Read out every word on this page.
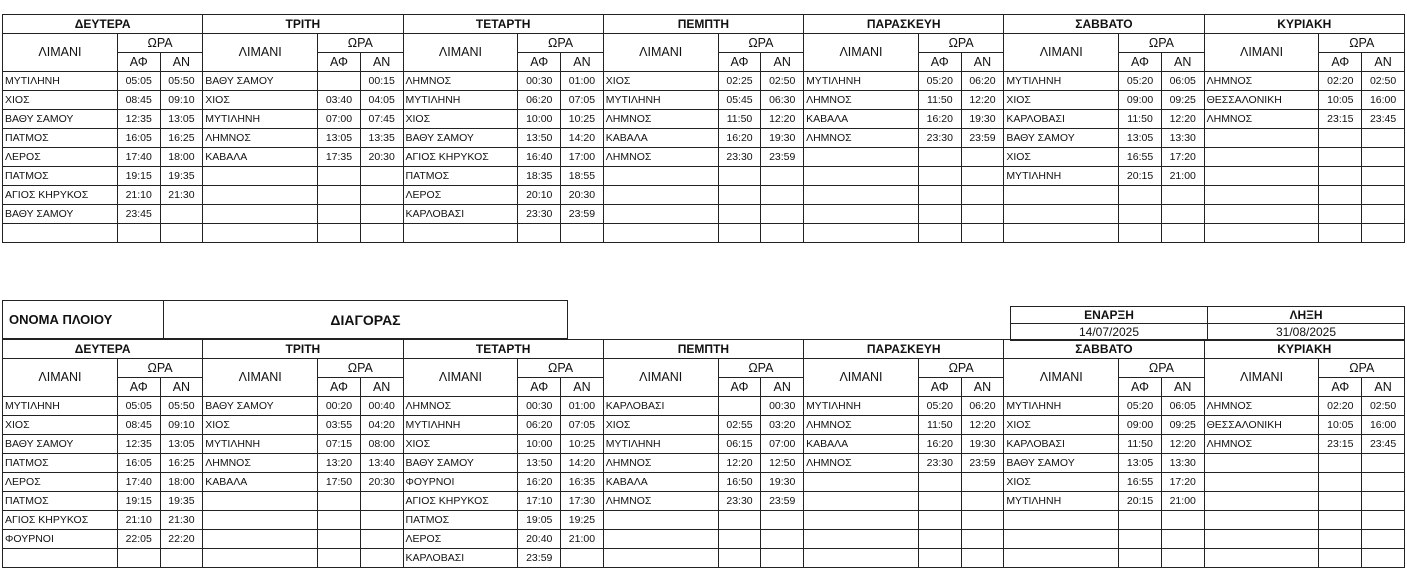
ΔΕΥΤΕΡΑ			ΤΡΙΤΗ			ΤΕΤΑΡΤΗ			ΠΕΜΠΤΗ			ΠΑΡΑΣΚΕΥΗ			ΣΑΒΒΑΤΟ			ΚΥΡΙΑΚΗ		
ΛΙΜΑΝΙ	ΩΡΑ		ΛΙΜΑΝΙ	ΩΡΑ		ΛΙΜΑΝΙ	ΩΡΑ		ΛΙΜΑΝΙ	ΩΡΑ		ΛΙΜΑΝΙ	ΩΡΑ		ΛΙΜΑΝΙ	ΩΡΑ		ΛΙΜΑΝΙ	ΩΡΑ	
	ΑΦ	ΑΝ		ΑΦ	ΑΝ		ΑΦ	ΑΝ		ΑΦ	ΑΝ		ΑΦ	ΑΝ		ΑΦ	ΑΝ		ΑΦ	ΑΝ
ΜΥΤΙΛΗΝΗ	05:05	05:50	ΒΑΘΥ ΣΑΜΟΥ		00:15	ΛΗΜΝΟΣ	00:30	01:00	ΧΙΟΣ	02:25	02:50	ΜΥΤΙΛΗΝΗ	05:20	06:20	ΜΥΤΙΛΗΝΗ	05:20	06:05	ΛΗΜΝΟΣ	02:20	02:50
ΧΙΟΣ	08:45	09:10	ΧΙΟΣ	03:40	04:05	ΜΥΤΙΛΗΝΗ	06:20	07:05	ΜΥΤΙΛΗΝΗ	05:45	06:30	ΛΗΜΝΟΣ	11:50	12:20	ΧΙΟΣ	09:00	09:25	ΘΕΣΣΑΛΟΝΙΚΗ	10:05	16:00
ΒΑΘΥ ΣΑΜΟΥ	12:35	13:05	ΜΥΤΙΛΗΝΗ	07:00	07:45	ΧΙΟΣ	10:00	10:25	ΛΗΜΝΟΣ	11:50	12:20	ΚΑΒΑΛΑ	16:20	19:30	ΚΑΡΛΟΒΑΣΙ	11:50	12:20	ΛΗΜΝΟΣ	23:15	23:45
ΠΑΤΜΟΣ	16:05	16:25	ΛΗΜΝΟΣ	13:05	13:35	ΒΑΘΥ ΣΑΜΟΥ	13:50	14:20	ΚΑΒΑΛΑ	16:20	19:30	ΛΗΜΝΟΣ	23:30	23:59	ΒΑΘΥ ΣΑΜΟΥ	13:05	13:30			
ΛΕΡΟΣ	17:40	18:00	ΚΑΒΑΛΑ	17:35	20:30	ΑΓΙΟΣ ΚΗΡΥΚΟΣ	16:40	17:00	ΛΗΜΝΟΣ	23:30	23:59				ΧΙΟΣ	16:55	17:20			
ΠΑΤΜΟΣ	19:15	19:35				ΠΑΤΜΟΣ	18:35	18:55							ΜΥΤΙΛΗΝΗ	20:15	21:00			
ΑΓΙΟΣ ΚΗΡΥΚΟΣ	21:10	21:30				ΛΕΡΟΣ	20:10	20:30												
ΒΑΘΥ ΣΑΜΟΥ	23:45					ΚΑΡΛΟΒΑΣΙ	23:30	23:59												

ΟΝΟΜΑ ΠΛΟΙΟΥ	ΔΙΑΓΟΡΑΣ	ΕΝΑΡΞΗ	ΛΗΞΗ
14/07/2025	31/08/2025
ΔΕΥΤΕΡΑ			ΤΡΙΤΗ			ΤΕΤΑΡΤΗ			ΠΕΜΠΤΗ			ΠΑΡΑΣΚΕΥΗ			ΣΑΒΒΑΤΟ			ΚΥΡΙΑΚΗ		
ΛΙΜΑΝΙ	ΩΡΑ		ΛΙΜΑΝΙ	ΩΡΑ		ΛΙΜΑΝΙ	ΩΡΑ		ΛΙΜΑΝΙ	ΩΡΑ		ΛΙΜΑΝΙ	ΩΡΑ		ΛΙΜΑΝΙ	ΩΡΑ		ΛΙΜΑΝΙ	ΩΡΑ	
	ΑΦ	ΑΝ		ΑΦ	ΑΝ		ΑΦ	ΑΝ		ΑΦ	ΑΝ		ΑΦ	ΑΝ		ΑΦ	ΑΝ		ΑΦ	ΑΝ
ΜΥΤΙΛΗΝΗ	05:05	05:50	ΒΑΘΥ ΣΑΜΟΥ	00:20	00:40	ΛΗΜΝΟΣ	00:30	01:00	ΚΑΡΛΟΒΑΣΙ		00:30	ΜΥΤΙΛΗΝΗ	05:20	06:20	ΜΥΤΙΛΗΝΗ	05:20	06:05	ΛΗΜΝΟΣ	02:20	02:50
ΧΙΟΣ	08:45	09:10	ΧΙΟΣ	03:55	04:20	ΜΥΤΙΛΗΝΗ	06:20	07:05	ΧΙΟΣ	02:55	03:20	ΛΗΜΝΟΣ	11:50	12:20	ΧΙΟΣ	09:00	09:25	ΘΕΣΣΑΛΟΝΙΚΗ	10:05	16:00
ΒΑΘΥ ΣΑΜΟΥ	12:35	13:05	ΜΥΤΙΛΗΝΗ	07:15	08:00	ΧΙΟΣ	10:00	10:25	ΜΥΤΙΛΗΝΗ	06:15	07:00	ΚΑΒΑΛΑ	16:20	19:30	ΚΑΡΛΟΒΑΣΙ	11:50	12:20	ΛΗΜΝΟΣ	23:15	23:45
ΠΑΤΜΟΣ	16:05	16:25	ΛΗΜΝΟΣ	13:20	13:40	ΒΑΘΥ ΣΑΜΟΥ	13:50	14:20	ΛΗΜΝΟΣ	12:20	12:50	ΛΗΜΝΟΣ	23:30	23:59	ΒΑΘΥ ΣΑΜΟΥ	13:05	13:30			
ΛΕΡΟΣ	17:40	18:00	ΚΑΒΑΛΑ	17:50	20:30	ΦΟΥΡΝΟΙ	16:20	16:35	ΚΑΒΑΛΑ	16:50	19:30				ΧΙΟΣ	16:55	17:20			
ΠΑΤΜΟΣ	19:15	19:35				ΑΓΙΟΣ ΚΗΡΥΚΟΣ	17:10	17:30	ΛΗΜΝΟΣ	23:30	23:59				ΜΥΤΙΛΗΝΗ	20:15	21:00			
ΑΓΙΟΣ ΚΗΡΥΚΟΣ	21:10	21:30				ΠΑΤΜΟΣ	19:05	19:25												
ΦΟΥΡΝΟΙ	22:05	22:20				ΛΕΡΟΣ	20:40	21:00												
						ΚΑΡΛΟΒΑΣΙ	23:59													
